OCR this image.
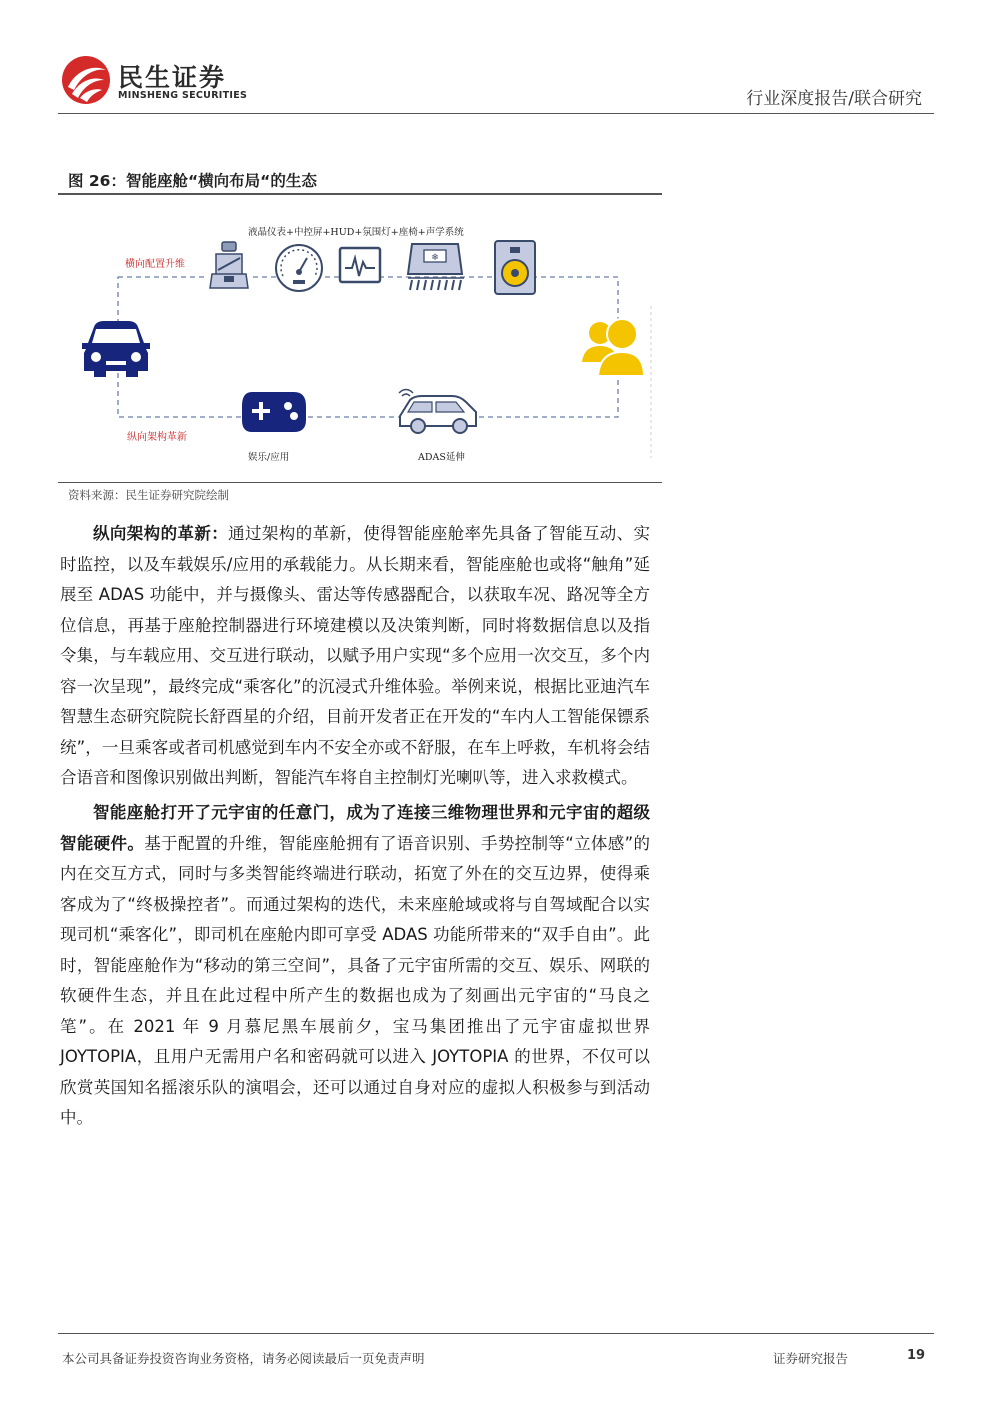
民生证券
MINSHENG SECURITIES	行业深度报告/联合研究
图 26：智能座舱“横向布局“的生态
❄
液晶仪表+中控屏+HUD+氛围灯+座椅+声学系统
横向配置升维
纵向架构革新
娱乐/应用	ADAS延伸
资料来源：民生证券研究院绘制
纵向架构的革新：通过架构的革新，使得智能座舱率先具备了智能互动、实时监控，以及车载娱乐/应用的承载能力。从长期来看，智能座舱也或将“触角”延展至 ADAS 功能中，并与摄像头、雷达等传感器配合，以获取车况、路况等全方位信息，再基于座舱控制器进行环境建模以及决策判断，同时将数据信息以及指令集，与车载应用、交互进行联动，以赋予用户实现“多个应用一次交互，多个内容一次呈现”，最终完成“乘客化”的沉浸式升维体验。举例来说，根据比亚迪汽车智慧生态研究院院长舒酉星的介绍，目前开发者正在开发的“车内人工智能保镖系统”，一旦乘客或者司机感觉到车内不安全亦或不舒服，在车上呼救，车机将会结合语音和图像识别做出判断，智能汽车将自主控制灯光喇叭等，进入求救模式。
智能座舱打开了元宇宙的任意门，成为了连接三维物理世界和元宇宙的超级智能硬件。基于配置的升维，智能座舱拥有了语音识别、手势控制等“立体感”的内在交互方式，同时与多类智能终端进行联动，拓宽了外在的交互边界，使得乘客成为了“终极操控者”。而通过架构的迭代，未来座舱域或将与自驾域配合以实现司机“乘客化”，即司机在座舱内即可享受 ADAS 功能所带来的“双手自由”。此时，智能座舱作为“移动的第三空间”，具备了元宇宙所需的交互、娱乐、网联的软硬件生态，并且在此过程中所产生的数据也成为了刻画出元宇宙的“马良之笔”。在 2021 年 9 月慕尼黑车展前夕，宝马集团推出了元宇宙虚拟世界 JOYTOPIA，且用户无需用户名和密码就可以进入 JOYTOPIA 的世界，不仅可以欣赏英国知名摇滚乐队的演唱会，还可以通过自身对应的虚拟人积极参与到活动中。
本公司具备证券投资咨询业务资格，请务必阅读最后一页免责声明	证券研究报告	19
